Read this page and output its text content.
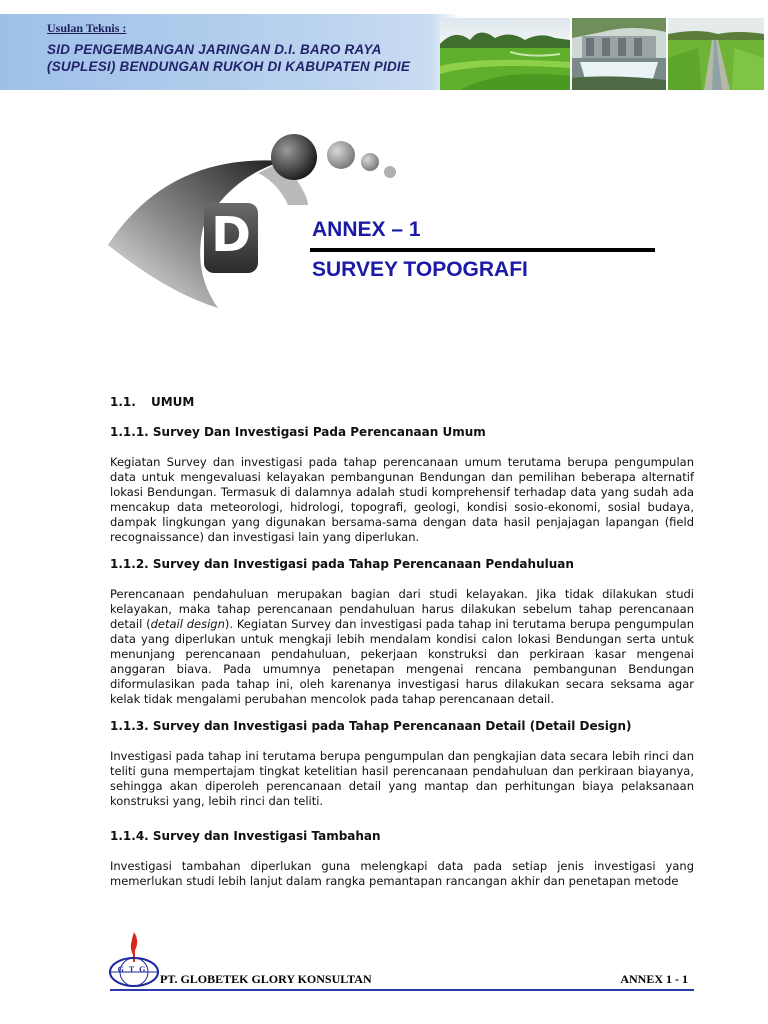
Usulan Teknis :
SID PENGEMBANGAN JARINGAN D.I. BARO RAYA
(SUPLESI) BENDUNGAN RUKOH DI KABUPATEN PIDIE
D	ANNEX – 1
SURVEY TOPOGRAFI
1.1. UMUM
1.1.1. Survey Dan Investigasi Pada Perencanaan Umum
Kegiatan Survey dan investigasi pada tahap perencanaan umum terutama berupa pengumpulan data untuk mengevaluasi kelayakan pembangunan Bendungan dan pemilihan beberapa alternatif lokasi Bendungan. Termasuk di dalamnya adalah studi komprehensif terhadap data yang sudah ada mencakup data meteorologi, hidrologi, topografi, geologi, kondisi sosio-ekonomi, sosial budaya, dampak lingkungan yang digunakan bersama-sama dengan data hasil penjajagan lapangan (field recognaissance) dan investigasi lain yang diperlukan.
1.1.2. Survey dan Investigasi pada Tahap Perencanaan Pendahuluan
Perencanaan pendahuluan merupakan bagian dari studi kelayakan. Jika tidak dilakukan studi kelayakan, maka tahap perencanaan pendahuluan harus dilakukan sebelum tahap perencanaan detail (detail design). Kegiatan Survey dan investigasi pada tahap ini terutama berupa pengumpulan data yang diperlukan untuk mengkaji lebih mendalam kondisi calon lokasi Bendungan serta untuk menunjang perencanaan pendahuluan, pekerjaan konstruksi dan perkiraan kasar mengenai anggaran biava. Pada umumnya penetapan mengenai rencana pembangunan Bendungan diformulasikan pada tahap ini, oleh karenanya investigasi harus dilakukan secara seksama agar kelak tidak mengalami perubahan mencolok pada tahap perencanaan detail.
1.1.3. Survey dan Investigasi pada Tahap Perencanaan Detail (Detail Design)
Investigasi pada tahap ini terutama berupa pengumpulan dan pengkajian data secara lebih rinci dan teliti guna mempertajam tingkat ketelitian hasil perencanaan pendahuluan dan perkiraan biayanya, sehingga akan diperoleh perencanaan detail yang mantap dan perhitungan biaya pelaksanaan konstruksi yang, lebih rinci dan teliti.
1.1.4. Survey dan Investigasi Tambahan
Investigasi tambahan diperlukan guna melengkapi data pada setiap jenis investigasi yang memerlukan studi lebih lanjut dalam rangka pemantapan rancangan akhir dan penetapan metode
GTG
PT. GLOBETEK GLORY KONSULTAN	ANNEX 1 - 1
